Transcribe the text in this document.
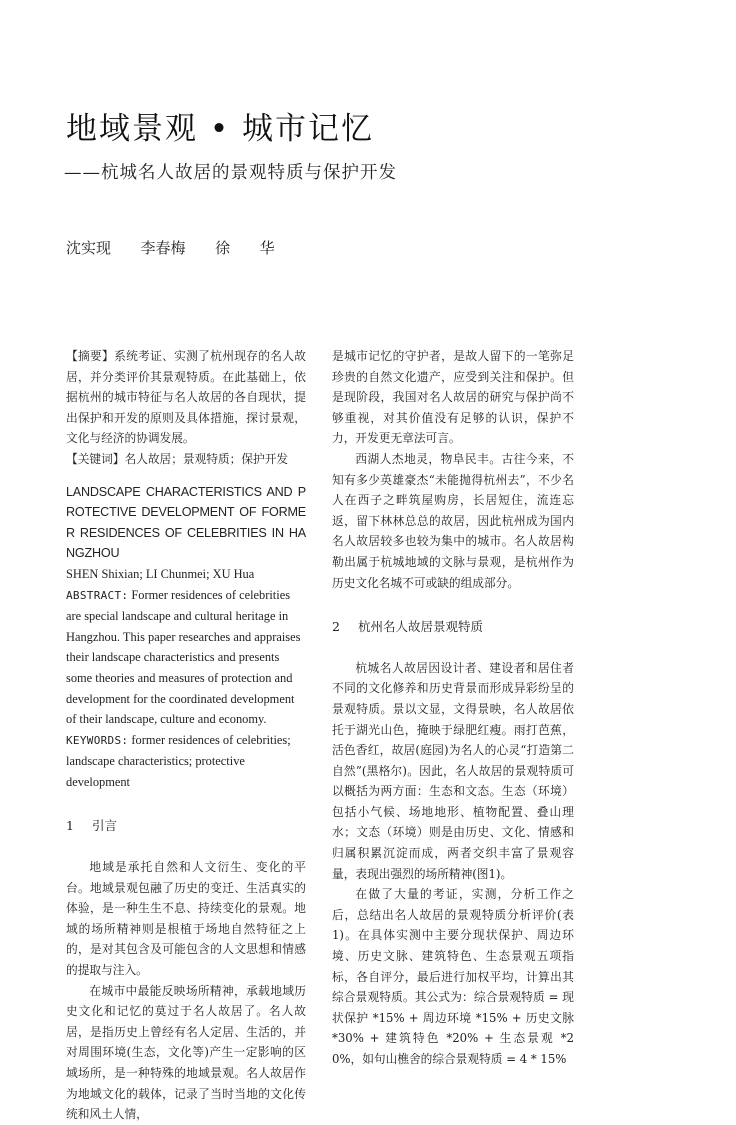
地域景观 • 城市记忆
——杭城名人故居的景观特质与保护开发
沈实现  李春梅  徐  华

【摘要】系统考证、实测了杭州现存的名人故居，并分类评价其景观特质。在此基础上，依据杭州的城市特征与名人故居的各自现状，提出保护和开发的原则及具体措施，探讨景观，文化与经济的协调发展。

【关键词】名人故居；景观特质；保护开发

LANDSCAPE CHARACTERISTICS AND PROTECTIVE DEVELOPMENT OF FORMER RESIDENCES OF CELEBRITIES IN HANGZHOU

SHEN Shixian; LI Chunmei; XU Hua

ABSTRACT: Former residences of celebrities are special landscape and cultural heritage in Hangzhou. This paper researches and appraises their landscape characteristics and presents some theories and measures of protection and development for the coordinated development of their landscape, culture and economy.

KEYWORDS: former residences of celebrities; landscape characteristics; protective development

1 引言

地域是承托自然和人文衍生、变化的平台。地域景观包融了历史的变迁、生活真实的体验，是一种生生不息、持续变化的景观。地域的场所精神则是根植于场地自然特征之上的，是对其包含及可能包含的人文思想和情感的提取与注入。

在城市中最能反映场所精神，承载地域历史文化和记忆的莫过于名人故居了。名人故居，是指历史上曾经有名人定居、生活的，并对周围环境(生态，文化等)产生一定影响的区域场所，是一种特殊的地域景观。名人故居作为地域文化的载体，记录了当时当地的文化传统和风土人情，

是城市记忆的守护者，是故人留下的一笔弥足珍贵的自然文化遗产，应受到关注和保护。但是现阶段，我国对名人故居的研究与保护尚不够重视，对其价值没有足够的认识，保护不力，开发更无章法可言。

西湖人杰地灵，物阜民丰。古往今来，不知有多少英雄豪杰“未能抛得杭州去”，不少名人在西子之畔筑屋购房，长居短住，流连忘返，留下林林总总的故居，因此杭州成为国内名人故居较多也较为集中的城市。名人故居构勒出属于杭城地域的文脉与景观，是杭州作为历史文化名城不可或缺的组成部分。

2 杭州名人故居景观特质

杭城名人故居因设计者、建设者和居住者不同的文化修养和历史背景而形成异彩纷呈的景观特质。景以文显，文得景映，名人故居依托于湖光山色，掩映于绿肥红瘦。雨打芭蕉，活色香红，故居(庭园)为名人的心灵“打造第二自然”(黑格尔)。因此，名人故居的景观特质可以概括为两方面：生态和文态。生态（环境）包括小气候、场地地形、植物配置、叠山理水；文态（环境）则是由历史、文化、情感和归属积累沉淀而成，两者交织丰富了景观容量，表现出强烈的场所精神(图1)。

在做了大量的考证，实测，分析工作之后，总结出名人故居的景观特质分析评价(表1)。在具体实测中主要分现状保护、周边环境、历史文脉、建筑特色、生态景观五项指标，各自评分，最后进行加权平均，计算出其综合景观特质。其公式为：综合景观特质 = 现状保护 *15% + 周边环境 *15% + 历史文脉 *30% + 建筑特色 *20% + 生态景观 *20%，如句山樵舍的综合景观特质 = 4 * 15%
